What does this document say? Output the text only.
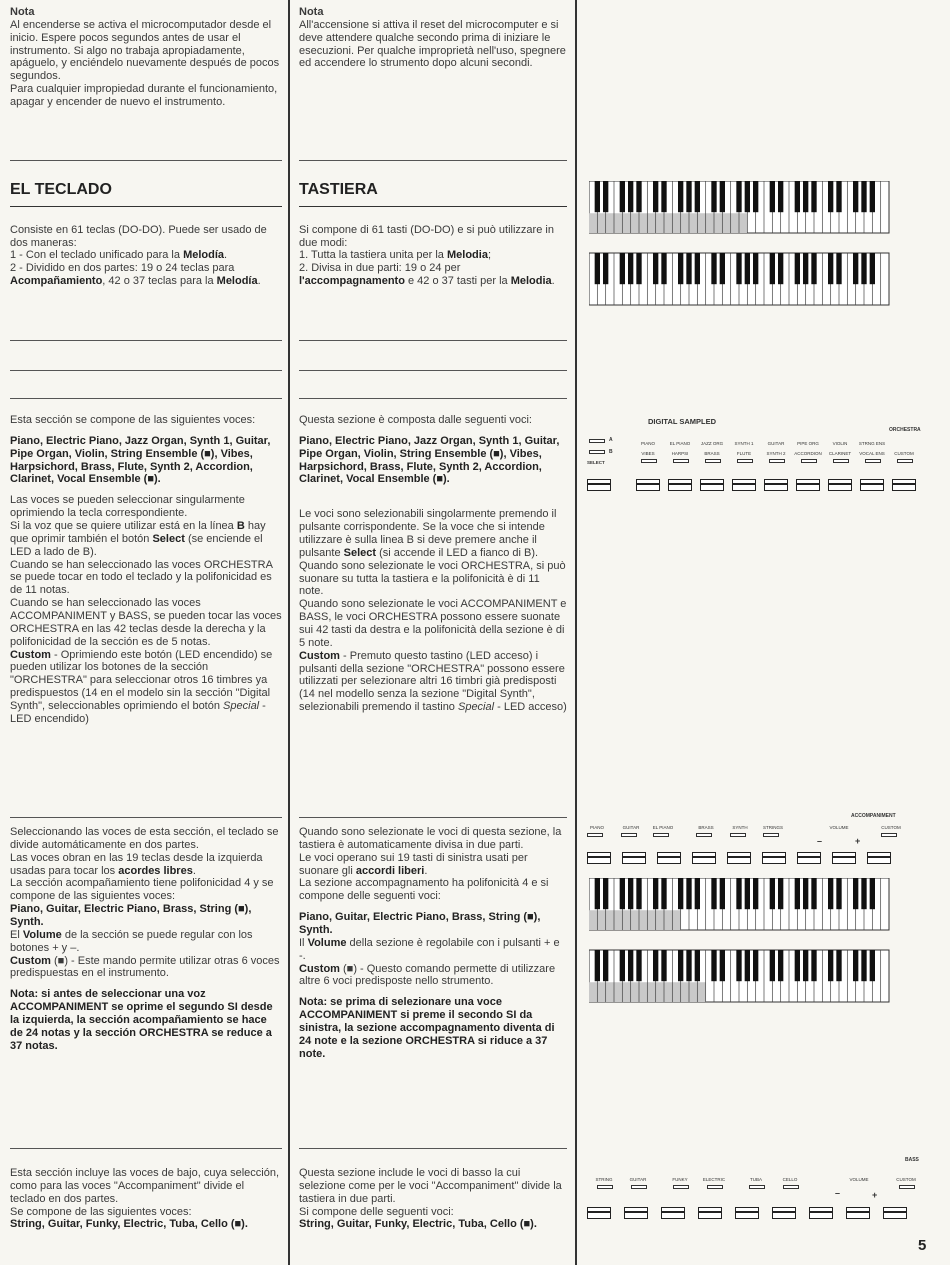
Nota

Al encenderse se activa el microcomputador desde el inicio. Espere pocos segundos antes de usar el instrumento. Si algo no trabaja apropiadamente, apáguelo, y enciéndelo nuevamente después de pocos segundos.

Para cualquier impropiedad durante el funcionamiento, apagar y encender de nuevo el instrumento.

EL TECLADO

Consiste en 61 teclas (DO-DO). Puede ser usado de dos maneras:

1 - Con el teclado unificado para la Melodía.

2 - Dividido en dos partes: 19 o 24 teclas para Acompañamiento, 42 o 37 teclas para la Melodía.

Esta sección se compone de las siguientes voces:

Piano, Electric Piano, Jazz Organ, Synth 1, Guitar, Pipe Organ, Violin, String Ensemble (■), Vibes, Harpsichord, Brass, Flute, Synth 2, Accordion, Clarinet, Vocal Ensemble (■).

Las voces se pueden seleccionar singularmente oprimiendo la tecla correspondiente.

Si la voz que se quiere utilizar está en la línea B hay que oprimir también el botón Select (se enciende el LED a lado de B).

Cuando se han seleccionado las voces ORCHESTRA se puede tocar en todo el teclado y la polifonicidad es de 11 notas.

Cuando se han seleccionado las voces ACCOMPANIMENT y BASS, se pueden tocar las voces ORCHESTRA en las 42 teclas desde la derecha y la polifonicidad de la sección es de 5 notas.

Custom - Oprimiendo este botón (LED encendido) se pueden utilizar los botones de la sección "ORCHESTRA" para seleccionar otros 16 timbres ya predispuestos (14 en el modelo sin la sección "Digital Synth", seleccionables oprimiendo el botón Special - LED encendido)

Seleccionando las voces de esta sección, el teclado se divide automáticamente en dos partes.

Las voces obran en las 19 teclas desde la izquierda usadas para tocar los acordes libres.

La sección acompañamiento tiene polifonicidad 4 y se compone de las siguientes voces:

Piano, Guitar, Electric Piano, Brass, String (■), Synth.

El Volume de la sección se puede regular con los botones + y –.

Custom (■) - Este mando permite utilizar otras 6 voces predispuestas en el instrumento.

Nota: si antes de seleccionar una voz ACCOMPANIMENT se oprime el segundo SI desde la izquierda, la sección acompañamiento se hace de 24 notas y la sección ORCHESTRA se reduce a 37 notas.

Esta sección incluye las voces de bajo, cuya selección, como para las voces "Accompaniment" divide el teclado en dos partes.

Se compone de las siguientes voces:

String, Guitar, Funky, Electric, Tuba, Cello (■).

Nota

All'accensione si attiva il reset del microcomputer e si deve attendere qualche secondo prima di iniziare le esecuzioni. Per qualche improprietà nell'uso, spegnere ed accendere lo strumento dopo alcuni secondi.

TASTIERA

Si compone di 61 tasti (DO-DO) e si può utilizzare in due modi:

1. Tutta la tastiera unita per la Melodia;

2. Divisa in due parti: 19 o 24 per l'accompagnamento e 42 o 37 tasti per la Melodia.

Questa sezione è composta dalle seguenti voci:

Piano, Electric Piano, Jazz Organ, Synth 1, Guitar, Pipe Organ, Violin, String Ensemble (■), Vibes, Harpsichord, Brass, Flute, Synth 2, Accordion, Clarinet, Vocal Ensemble (■).

Le voci sono selezionabili singolarmente premendo il pulsante corrispondente. Se la voce che si intende utilizzare è sulla linea B si deve premere anche il pulsante Select (si accende il LED a fianco di B).

Quando sono selezionate le voci ORCHESTRA, si può suonare su tutta la tastiera e la polifonicità è di 11 note.

Quando sono selezionate le voci ACCOMPANIMENT e BASS, le voci ORCHESTRA possono essere suonate sui 42 tasti da destra e la polifonicità della sezione è di 5 note.

Custom - Premuto questo tastino (LED acceso) i pulsanti della sezione "ORCHESTRA" possono essere utilizzati per selezionare altri 16 timbri già predisposti (14 nel modello senza la sezione "Digital Synth", selezionabili premendo il tastino Special - LED acceso)

Quando sono selezionate le voci di questa sezione, la tastiera è automaticamente divisa in due parti.

Le voci operano sui 19 tasti di sinistra usati per suonare gli accordi liberi.

La sezione accompagnamento ha polifonicità 4 e si compone delle seguenti voci:

Piano, Guitar, Electric Piano, Brass, String (■), Synth.

Il Volume della sezione è regolabile con i pulsanti + e -.

Custom (■) - Questo comando permette di utilizzare altre 6 voci predisposte nello strumento.

Nota: se prima di selezionare una voce ACCOMPANIMENT si preme il secondo SI da sinistra, la sezione accompagnamento diventa di 24 note e la sezione ORCHESTRA si riduce a 37 note.

Questa sezione include le voci di basso la cui selezione come per le voci "Accompaniment" divide la tastiera in due parti.

Si compone delle seguenti voci:

String, Guitar, Funky, Electric, Tuba, Cello (■).

DIGITAL SAMPLED
ORCHESTRA
A
B
SELECT
PIANO	EL PIANO	JAZZ ORG	SYNTH 1	GUITAR	PIPE ORG	VIOLIN	STRNG ENS
VIBES	HARPSI	BRASS	FLUTE	SYNTH 2	ACCORDION	CLARINET	VOCAL ENS	CUSTOM
ACCOMPANIMENT
PIANO	GUITAR	EL PIANO	BRASS	SYNTH	STRINGS	VOLUME
–	+
CUSTOM
BASS
STRING	GUITAR	FUNKY	ELECTRIC	TUBA	CELLO	VOLUME
–	+
CUSTOM
5
